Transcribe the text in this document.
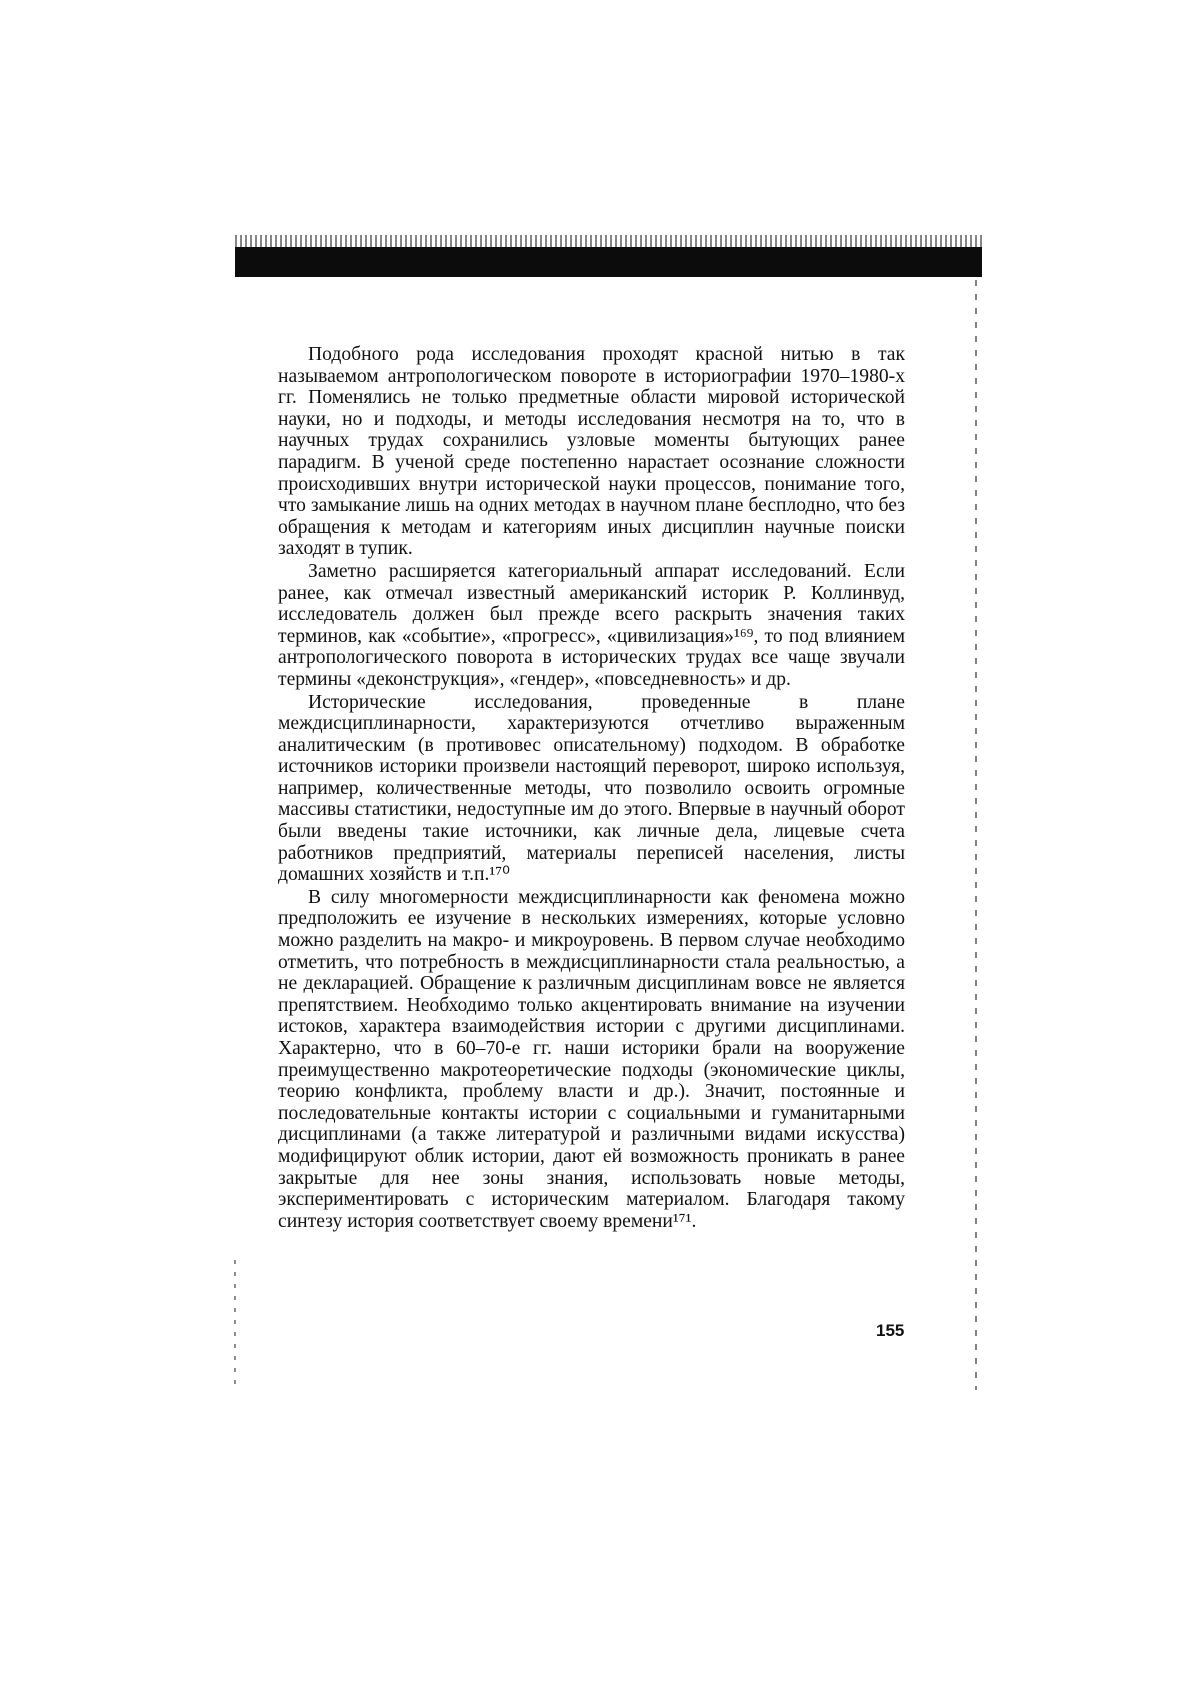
Подобного рода исследования проходят красной нитью в так называемом антропологическом повороте в историографии 1970–1980-х гг. Поменялись не только предметные области мировой исторической науки, но и подходы, и методы исследования несмотря на то, что в научных трудах сохранились узловые моменты бытующих ранее парадигм. В ученой среде постепенно нарастает осознание сложности происходивших внутри исторической науки процессов, понимание того, что замыкание лишь на одних методах в научном плане бесплодно, что без обращения к методам и категориям иных дисциплин научные поиски заходят в тупик.

Заметно расширяется категориальный аппарат исследований. Если ранее, как отмечал известный американский историк Р. Коллинвуд, исследователь должен был прежде всего раскрыть значения таких терминов, как «событие», «прогресс», «цивилизация»¹⁶⁹, то под влиянием антропологического поворота в исторических трудах все чаще звучали термины «деконструкция», «гендер», «повседневность» и др.

Исторические исследования, проведенные в плане междисциплинарности, характеризуются отчетливо выраженным аналитическим (в противовес описательному) подходом. В обработке источников историки произвели настоящий переворот, широко используя, например, количественные методы, что позволило освоить огромные массивы статистики, недоступные им до этого. Впервые в научный оборот были введены такие источники, как личные дела, лицевые счета работников предприятий, материалы переписей населения, листы домашних хозяйств и т.п.¹⁷⁰

В силу многомерности междисциплинарности как феномена можно предположить ее изучение в нескольких измерениях, которые условно можно разделить на макро- и микроуровень. В первом случае необходимо отметить, что потребность в междисциплинарности стала реальностью, а не декларацией. Обращение к различным дисциплинам вовсе не является препятствием. Необходимо только акцентировать внимание на изучении истоков, характера взаимодействия истории с другими дисциплинами. Характерно, что в 60–70-е гг. наши историки брали на вооружение преимущественно макротеоретические подходы (экономические циклы, теорию конфликта, проблему власти и др.). Значит, постоянные и последовательные контакты истории с социальными и гуманитарными дисциплинами (а также литературой и различными видами искусства) модифицируют облик истории, дают ей возможность проникать в ранее закрытые для нее зоны знания, использовать новые методы, экспериментировать с историческим материалом. Благодаря такому синтезу история соответствует своему времени¹⁷¹.

155
